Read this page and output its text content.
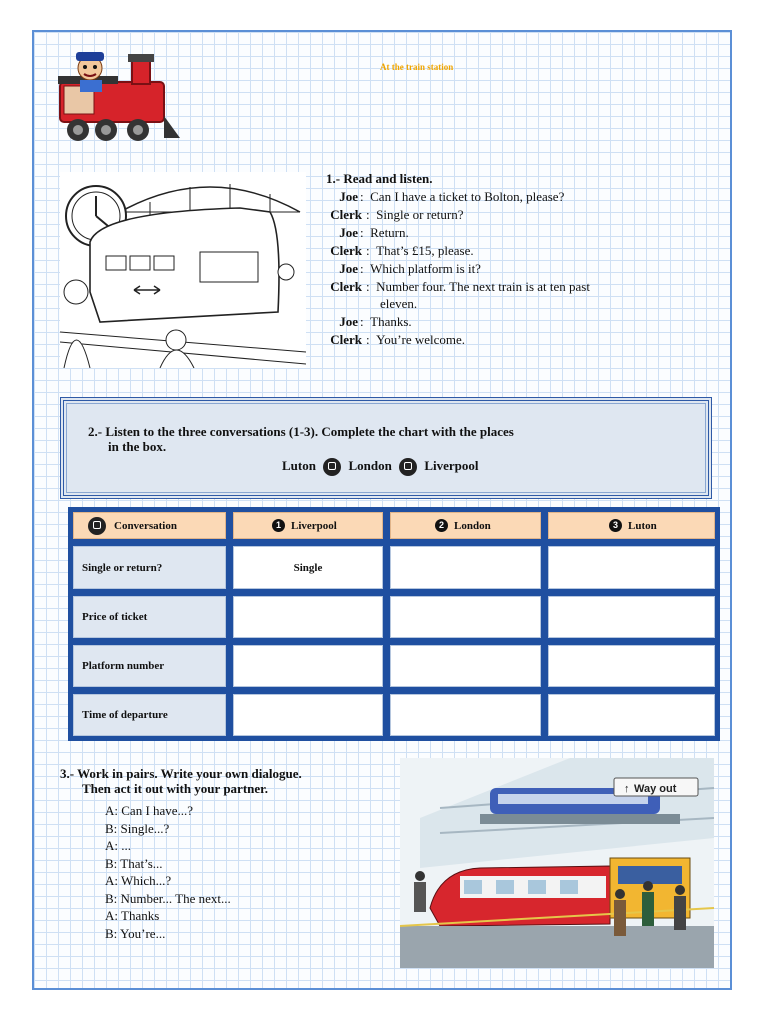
At the train station
1.- Read and listen.
Joe :  Can I have a ticket to Bolton, please?
Clerk :  Single or return?
Joe :  Return.
Clerk :  That’s £15, please.
Joe :  Which platform is it?
Clerk :  Number four. The next train is at ten past
eleven.
Joe :  Thanks.
Clerk :  You’re welcome.
2.- Listen to the three conversations (1-3). Complete the chart with the places
in the box.
Luton	London	Liverpool
Conversation	1 Liverpool	2 London	3 Luton
Single or return?	Single
Price of ticket
Platform number
Time of departure
3.- Work in pairs. Write your own dialogue.
Then act it out with your partner.
A: Can I have...?
B: Single...?
A: ...
B: That’s...
A: Which...?
B: Number... The next...
A: Thanks
B: You’re...
↑ Way out
